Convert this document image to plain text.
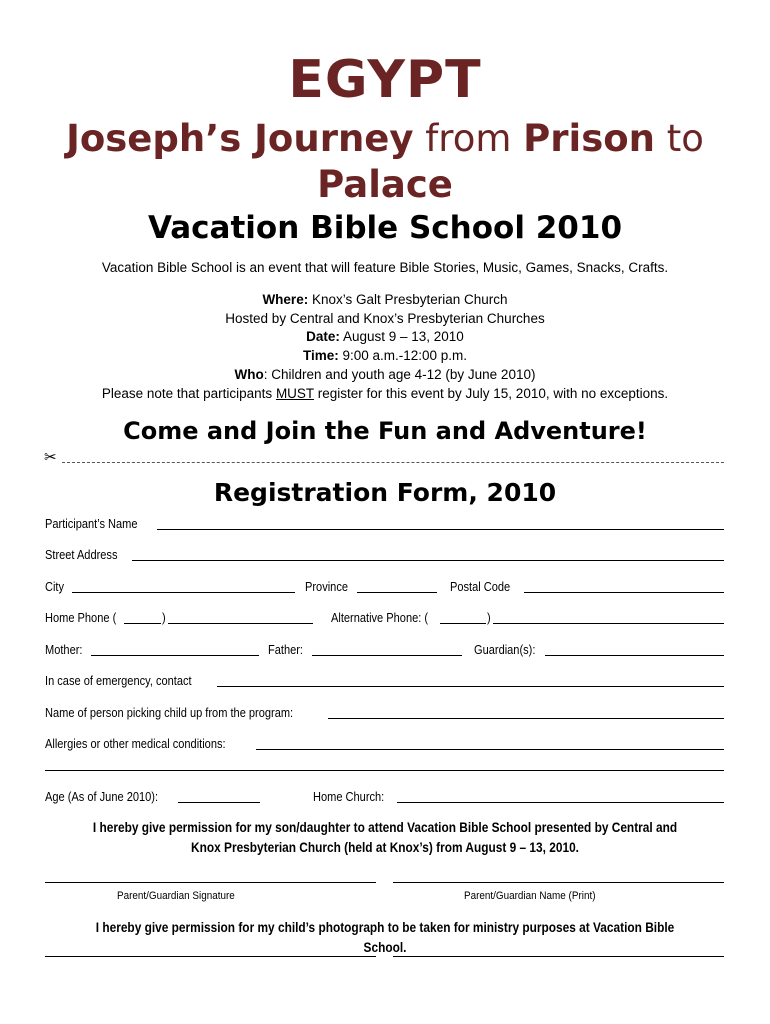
EGYPT
Joseph’s Journey from Prison to
Palace
Vacation Bible School 2010
Vacation Bible School is an event that will feature Bible Stories, Music, Games, Snacks, Crafts.
Where: Knox’s Galt Presbyterian Church
Hosted by Central and Knox’s Presbyterian Churches
Date: August 9 – 13, 2010
Time: 9:00 a.m.-12:00 p.m.
Who: Children and youth age 4-12 (by June 2010)
Please note that participants MUST register for this event by July 15, 2010, with no exceptions.
Come and Join the Fun and Adventure!
✂
Registration Form, 2010
Participant’s Name
Street Address
City	Province	Postal Code
Home Phone (	)	Alternative Phone: (	)
Mother:	Father:	Guardian(s):
In case of emergency, contact
Name of person picking child up from the program:
Allergies or other medical conditions:
Age (As of June 2010):	Home Church:
I hereby give permission for my son/daughter to attend Vacation Bible School presented by Central and Knox Presbyterian Church (held at Knox’s) from August 9 – 13, 2010.
Parent/Guardian Signature	Parent/Guardian Name (Print)
I hereby give permission for my child’s photograph to be taken for ministry purposes at Vacation Bible School.
